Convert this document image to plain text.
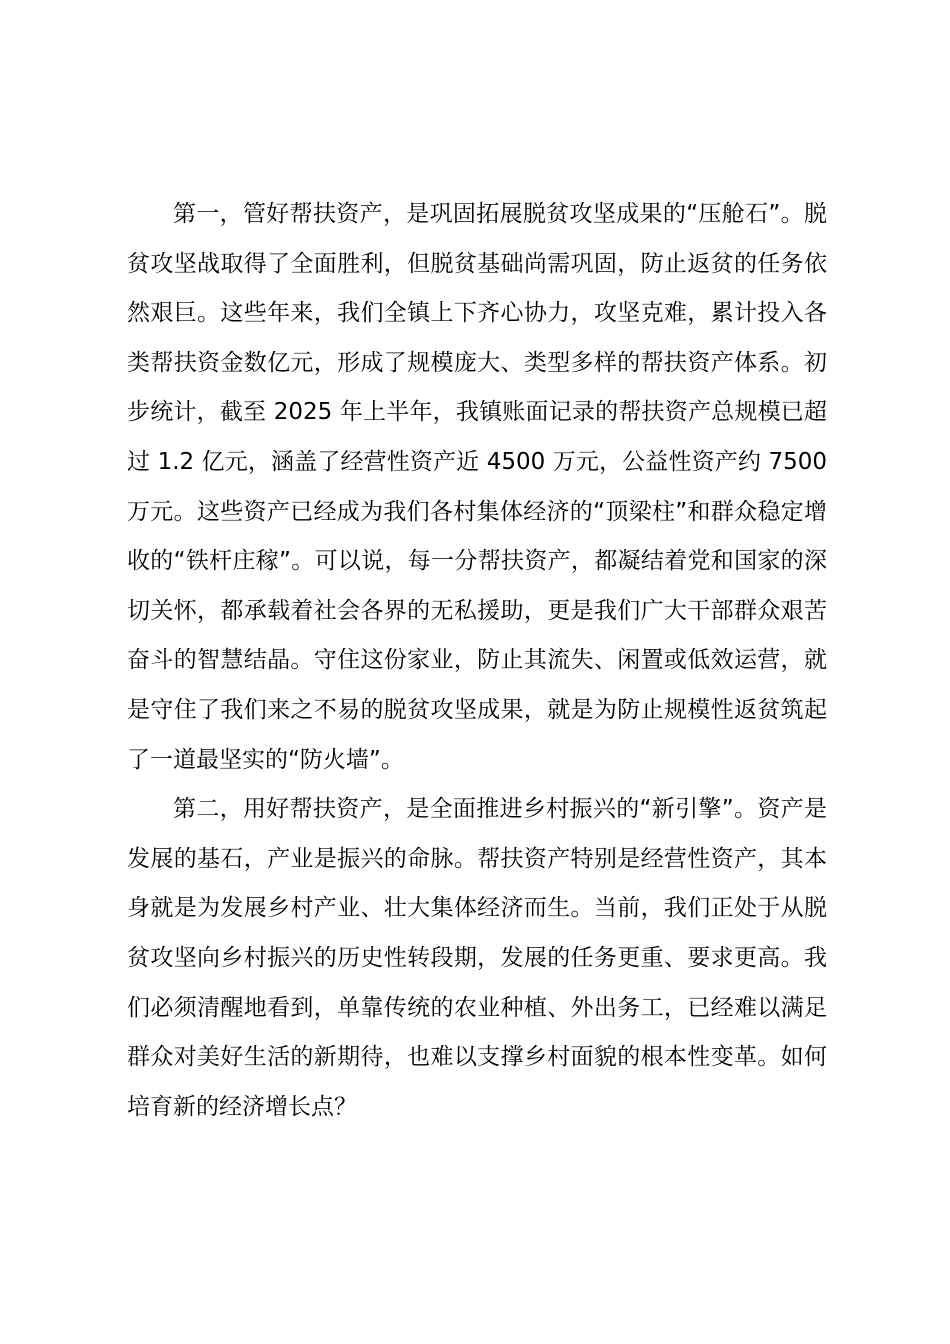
第一，管好帮扶资产，是巩固拓展脱贫攻坚成果的“压舱石”。脱贫攻坚战取得了全面胜利，但脱贫基础尚需巩固，防止返贫的任务依然艰巨。这些年来，我们全镇上下齐心协力，攻坚克难，累计投入各类帮扶资金数亿元，形成了规模庞大、类型多样的帮扶资产体系。初步统计，截至 2025 年上半年，我镇账面记录的帮扶资产总规模已超过 1.2 亿元，涵盖了经营性资产近 4500 万元，公益性资产约 7500 万元。这些资产已经成为我们各村集体经济的“顶梁柱”和群众稳定增收的“铁杆庄稼”。可以说，每一分帮扶资产，都凝结着党和国家的深切关怀，都承载着社会各界的无私援助，更是我们广大干部群众艰苦奋斗的智慧结晶。守住这份家业，防止其流失、闲置或低效运营，就是守住了我们来之不易的脱贫攻坚成果，就是为防止规模性返贫筑起了一道最坚实的“防火墙”。

第二，用好帮扶资产，是全面推进乡村振兴的“新引擎”。资产是发展的基石，产业是振兴的命脉。帮扶资产特别是经营性资产，其本身就是为发展乡村产业、壮大集体经济而生。当前，我们正处于从脱贫攻坚向乡村振兴的历史性转段期，发展的任务更重、要求更高。我们必须清醒地看到，单靠传统的农业种植、外出务工，已经难以满足群众对美好生活的新期待，也难以支撑乡村面貌的根本性变革。如何培育新的经济增长点？
